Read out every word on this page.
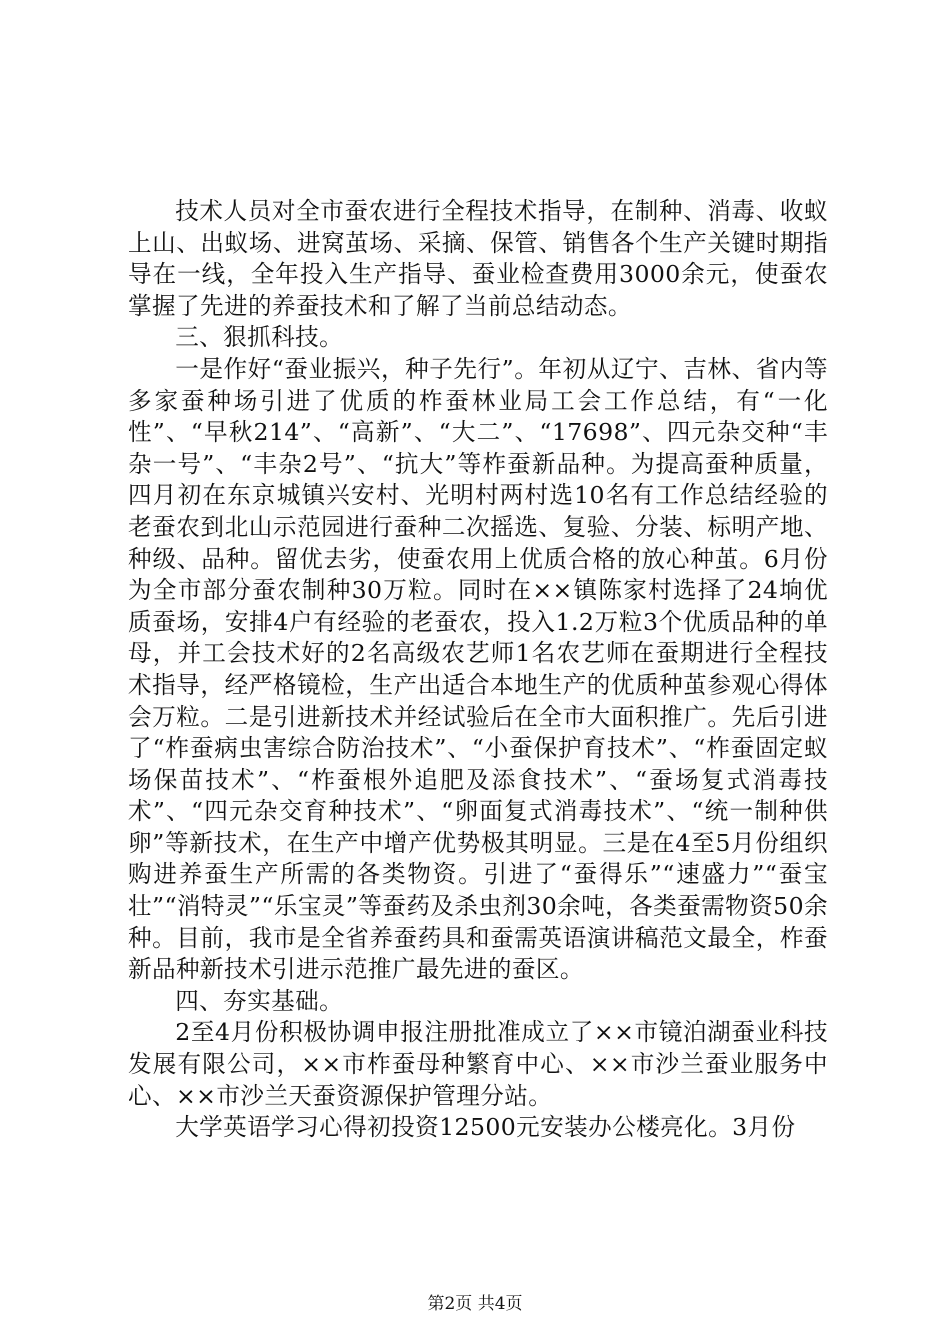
技术人员对全市蚕农进行全程技术指导，在制种、消毒、收蚁上山、出蚁场、进窝茧场、采摘、保管、销售各个生产关键时期指导在一线，全年投入生产指导、蚕业检查费用3000余元，使蚕农掌握了先进的养蚕技术和了解了当前总结动态。

三、狠抓科技。

一是作好“蚕业振兴，种子先行”。年初从辽宁、吉林、省内等多家蚕种场引进了优质的柞蚕林业局工会工作总结，有“一化性”、“早秋214”、“高新”、“大二”、“17698”、四元杂交种“丰杂一号”、“丰杂2号”、“抗大”等柞蚕新品种。为提高蚕种质量，四月初在东京城镇兴安村、光明村两村选10名有工作总结经验的老蚕农到北山示范园进行蚕种二次摇选、复验、分装、标明产地、种级、品种。留优去劣，使蚕农用上优质合格的放心种茧。6月份为全市部分蚕农制种30万粒。同时在××镇陈家村选择了24垧优质蚕场，安排4户有经验的老蚕农，投入1.2万粒3个优质品种的单母，并工会技术好的2名高级农艺师1名农艺师在蚕期进行全程技术指导，经严格镜检，生产出适合本地生产的优质种茧参观心得体会万粒。二是引进新技术并经试验后在全市大面积推广。先后引进了“柞蚕病虫害综合防治技术”、“小蚕保护育技术”、“柞蚕固定蚁场保苗技术”、“柞蚕根外追肥及添食技术”、“蚕场复式消毒技术”、“四元杂交育种技术”、“卵面复式消毒技术”、“统一制种供卵”等新技术，在生产中增产优势极其明显。三是在4至5月份组织购进养蚕生产所需的各类物资。引进了“蚕得乐”“速盛力”“蚕宝壮”“消特灵”“乐宝灵”等蚕药及杀虫剂30余吨，各类蚕需物资50余种。目前，我市是全省养蚕药具和蚕需英语演讲稿范文最全，柞蚕新品种新技术引进示范推广最先进的蚕区。

四、夯实基础。

2至4月份积极协调申报注册批准成立了××市镜泊湖蚕业科技发展有限公司，××市柞蚕母种繁育中心、××市沙兰蚕业服务中心、××市沙兰天蚕资源保护管理分站。

大学英语学习心得初投资12500元安装办公楼亮化。3月份

第2页 共4页
